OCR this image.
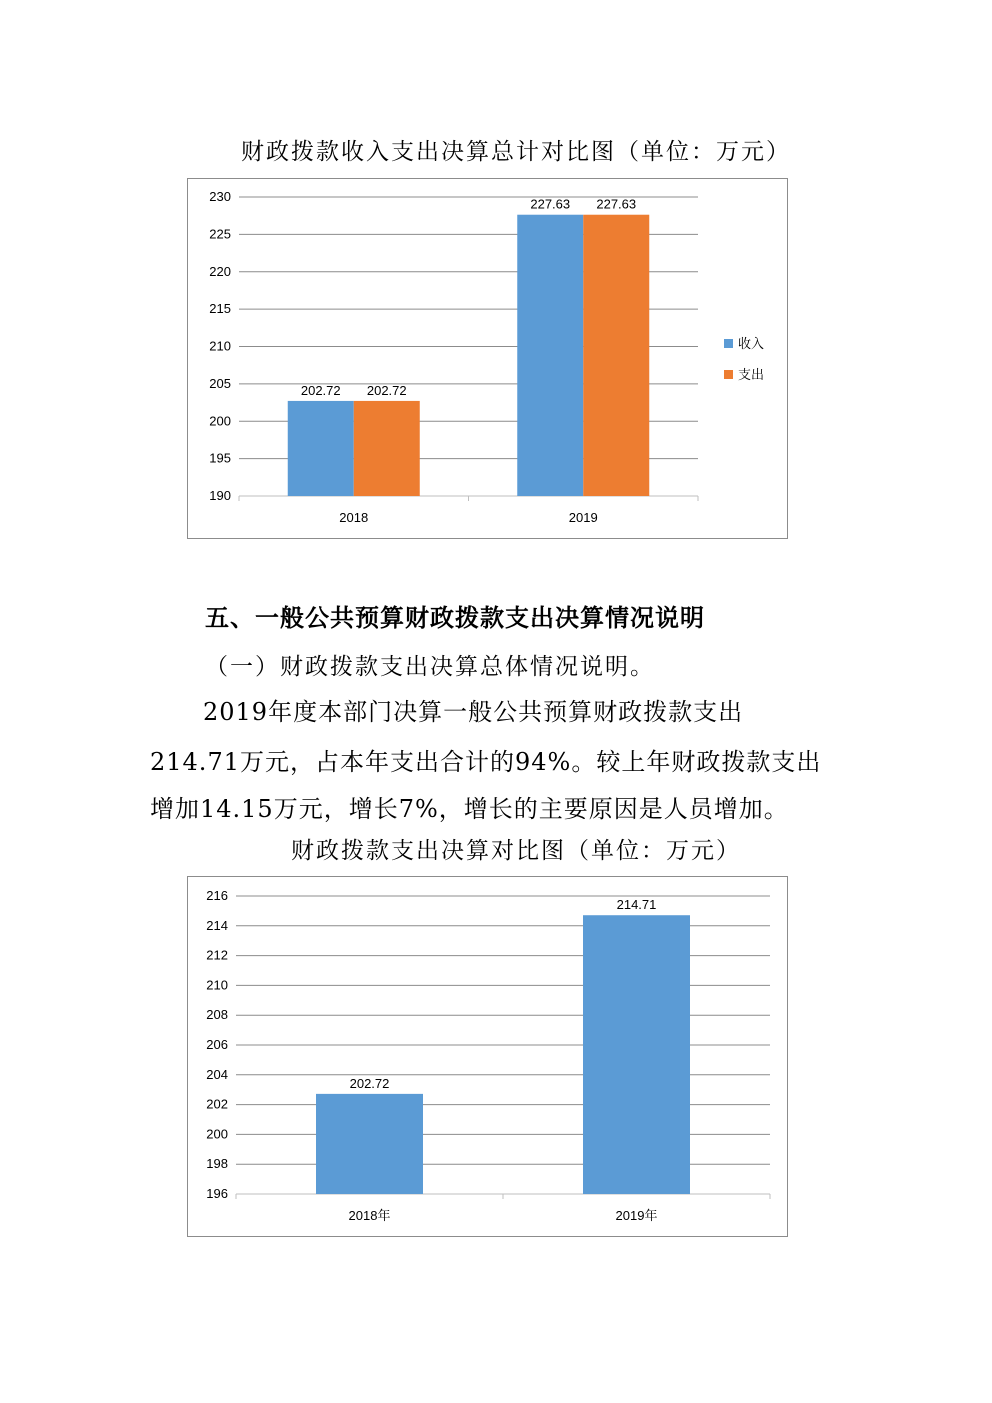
财政拨款收入支出决算总计对比图（单位：万元）
190
195
200
205
210
215
220
225
230
202.72 202.72
2018
227.63 227.63
2019
收入
支出
五、一般公共预算财政拨款支出决算情况说明
（一）财政拨款支出决算总体情况说明。
2019年度本部门决算一般公共预算财政拨款支出
214.71万元，占本年支出合计的94%。较上年财政拨款支出
增加14.15万元，增长7%，增长的主要原因是人员增加。
财政拨款支出决算对比图（单位：万元）
196
198
200
202
204
206
208
210
212
214
216
202.72
2018年
214.71
2019年
